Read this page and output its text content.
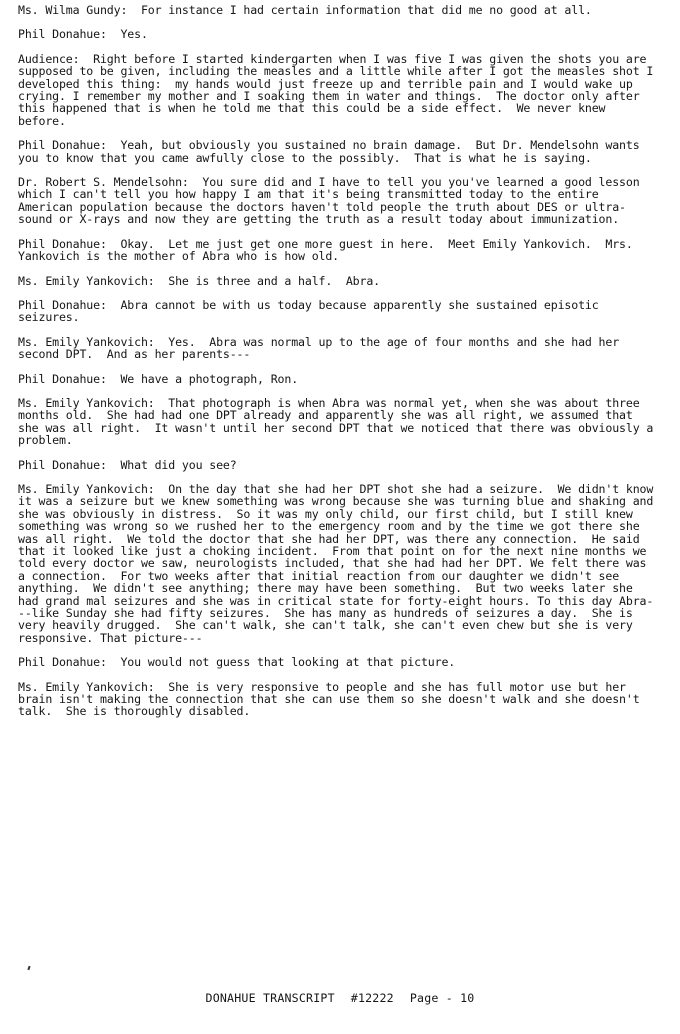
Ms. Wilma Gundy:  For instance I had certain information that did me no good at all.

Phil Donahue:  Yes.

Audience:  Right before I started kindergarten when I was five I was given the shots you are supposed to be given, including the measles and a little while after I got the measles shot I developed this thing:  my hands would just freeze up and terrible pain and I would wake up crying. I remember my mother and I soaking them in water and things.  The doctor only after this happened that is when he told me that this could be a side effect.  We never knew before.

Phil Donahue:  Yeah, but obviously you sustained no brain damage.  But Dr. Mendelsohn wants you to know that you came awfully close to the possibly.  That is what he is saying.

Dr. Robert S. Mendelsohn:  You sure did and I have to tell you you've learned a good lesson which I can't tell you how happy I am that it's being transmitted today to the entire American population because the doctors haven't told people the truth about DES or ultra-sound or X-rays and now they are getting the truth as a result today about immunization.

Phil Donahue:  Okay.  Let me just get one more guest in here.  Meet Emily Yankovich.  Mrs. Yankovich is the mother of Abra who is how old.

Ms. Emily Yankovich:  She is three and a half.  Abra.

Phil Donahue:  Abra cannot be with us today because apparently she sustained episotic seizures.

Ms. Emily Yankovich:  Yes.  Abra was normal up to the age of four months and she had her second DPT.  And as her parents---

Phil Donahue:  We have a photograph, Ron.

Ms. Emily Yankovich:  That photograph is when Abra was normal yet, when she was about three months old.  She had had one DPT already and apparently she was all right, we assumed that she was all right.  It wasn't until her second DPT that we noticed that there was obviously a problem.

Phil Donahue:  What did you see?

Ms. Emily Yankovich:  On the day that she had her DPT shot she had a seizure.  We didn't know it was a seizure but we knew something was wrong because she was turning blue and shaking and she was obviously in distress.  So it was my only child, our first child, but I still knew something was wrong so we rushed her to the emergency room and by the time we got there she was all right.  We told the doctor that she had her DPT, was there any connection.  He said that it looked like just a choking incident.  From that point on for the next nine months we told every doctor we saw, neurologists included, that she had had her DPT. We felt there was a connection.  For two weeks after that initial reaction from our daughter we didn't see anything.  We didn't see anything; there may have been something.  But two weeks later she had grand mal seizures and she was in critical state for forty-eight hours. To this day Abra---like Sunday she had fifty seizures.  She has many as hundreds of seizures a day.  She is very heavily drugged.  She can't walk, she can't talk, she can't even chew but she is very responsive. That picture---

Phil Donahue:  You would not guess that looking at that picture.

Ms. Emily Yankovich:  She is very responsive to people and she has full motor use but her brain isn't making the connection that she can use them so she doesn't walk and she doesn't talk.  She is thoroughly disabled.

DONAHUE TRANSCRIPT #12222 Page - 10
